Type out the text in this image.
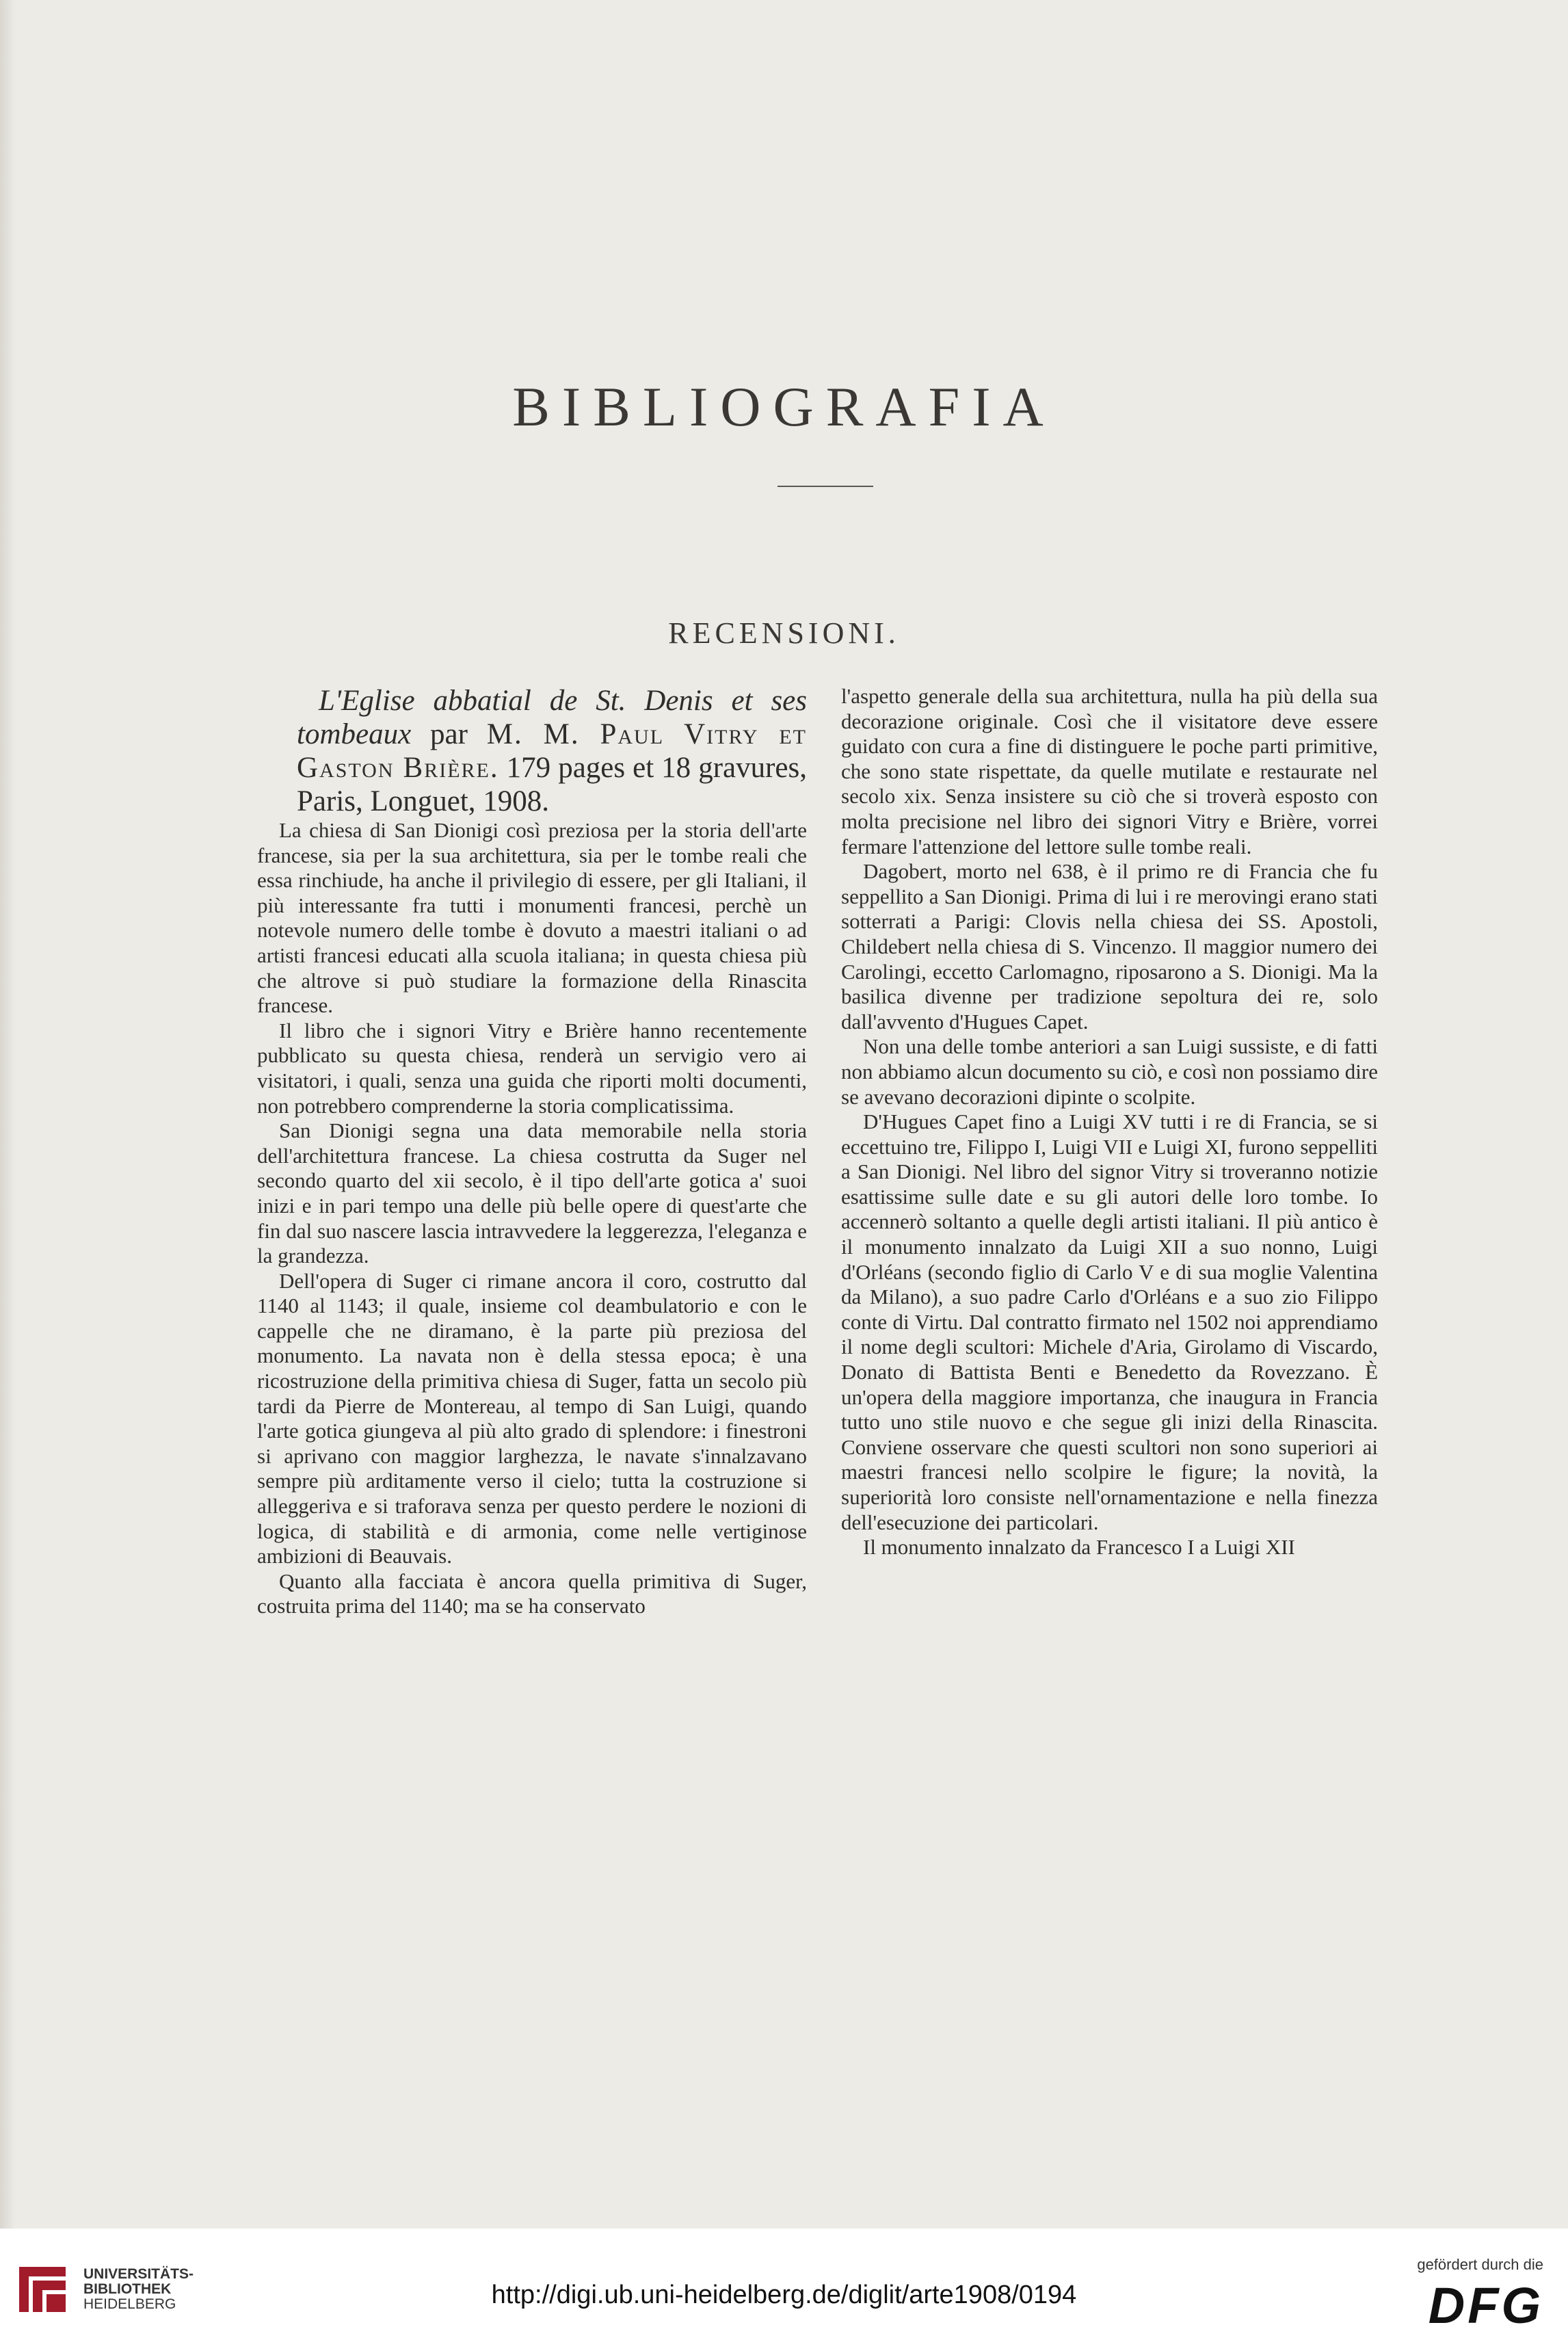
BIBLIOGRAFIA
RECENSIONI.

L'Eglise abbatial de St. Denis et ses tombeaux par M. M. Paul Vitry et Gaston Brière. 179 pages et 18 gravures, Paris, Longuet, 1908.

La chiesa di San Dionigi così preziosa per la storia dell'arte francese, sia per la sua architettura, sia per le tombe reali che essa rinchiude, ha anche il privilegio di essere, per gli Italiani, il più interessante fra tutti i monumenti francesi, perchè un notevole numero delle tombe è dovuto a maestri italiani o ad artisti francesi educati alla scuola italiana; in questa chiesa più che altrove si può studiare la formazione della Rinascita francese.

Il libro che i signori Vitry e Brière hanno recentemente pubblicato su questa chiesa, renderà un servigio vero ai visitatori, i quali, senza una guida che riporti molti documenti, non potrebbero comprenderne la storia complicatissima.

San Dionigi segna una data memorabile nella storia dell'architettura francese. La chiesa costrutta da Suger nel secondo quarto del xii secolo, è il tipo dell'arte gotica a' suoi inizi e in pari tempo una delle più belle opere di quest'arte che fin dal suo nascere lascia intravvedere la leggerezza, l'eleganza e la grandezza.

Dell'opera di Suger ci rimane ancora il coro, costrutto dal 1140 al 1143; il quale, insieme col deambulatorio e con le cappelle che ne diramano, è la parte più preziosa del monumento. La navata non è della stessa epoca; è una ricostruzione della primitiva chiesa di Suger, fatta un secolo più tardi da Pierre de Montereau, al tempo di San Luigi, quando l'arte gotica giungeva al più alto grado di splendore: i finestroni si aprivano con maggior larghezza, le navate s'innalzavano sempre più arditamente verso il cielo; tutta la costruzione si alleggeriva e si traforava senza per questo perdere le nozioni di logica, di stabilità e di armonia, come nelle vertiginose ambizioni di Beauvais.

Quanto alla facciata è ancora quella primitiva di Suger, costruita prima del 1140; ma se ha conservato

l'aspetto generale della sua architettura, nulla ha più della sua decorazione originale. Così che il visitatore deve essere guidato con cura a fine di distinguere le poche parti primitive, che sono state rispettate, da quelle mutilate e restaurate nel secolo xix. Senza insistere su ciò che si troverà esposto con molta precisione nel libro dei signori Vitry e Brière, vorrei fermare l'attenzione del lettore sulle tombe reali.

Dagobert, morto nel 638, è il primo re di Francia che fu seppellito a San Dionigi. Prima di lui i re merovingi erano stati sotterrati a Parigi: Clovis nella chiesa dei SS. Apostoli, Childebert nella chiesa di S. Vincenzo. Il maggior numero dei Carolingi, eccetto Carlomagno, riposarono a S. Dionigi. Ma la basilica divenne per tradizione sepoltura dei re, solo dall'avvento d'Hugues Capet.

Non una delle tombe anteriori a san Luigi sussiste, e di fatti non abbiamo alcun documento su ciò, e così non possiamo dire se avevano decorazioni dipinte o scolpite.

D'Hugues Capet fino a Luigi XV tutti i re di Francia, se si eccettuino tre, Filippo I, Luigi VII e Luigi XI, furono seppelliti a San Dionigi. Nel libro del signor Vitry si troveranno notizie esattissime sulle date e su gli autori delle loro tombe. Io accennerò soltanto a quelle degli artisti italiani. Il più antico è il monumento innalzato da Luigi XII a suo nonno, Luigi d'Orléans (secondo figlio di Carlo V e di sua moglie Valentina da Milano), a suo padre Carlo d'Orléans e a suo zio Filippo conte di Virtu. Dal contratto firmato nel 1502 noi apprendiamo il nome degli scultori: Michele d'Aria, Girolamo di Viscardo, Donato di Battista Benti e Benedetto da Rovezzano. È un'opera della maggiore importanza, che inaugura in Francia tutto uno stile nuovo e che segue gli inizi della Rinascita. Conviene osservare che questi scultori non sono superiori ai maestri francesi nello scolpire le figure; la novità, la superiorità loro consiste nell'ornamentazione e nella finezza dell'esecuzione dei particolari.

Il monumento innalzato da Francesco I a Luigi XII

UNIVERSITÄTS-
BIBLIOTHEK
HEIDELBERG	http://digi.ub.uni-heidelberg.de/diglit/arte1908/0194
gefördert durch die
DFG
